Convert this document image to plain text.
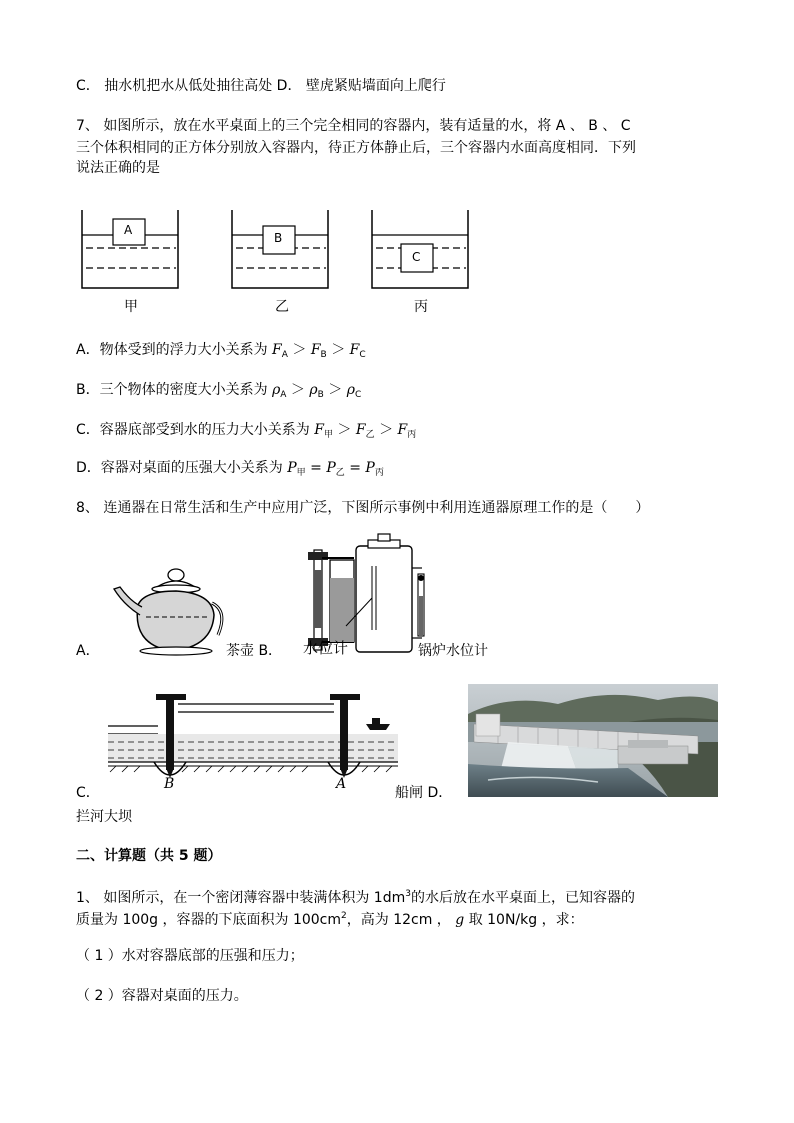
C． 抽水机把水从低处抽往高处 D． 壁虎紧贴墙面向上爬行
7、 如图所示，放在水平桌面上的三个完全相同的容器内，装有适量的水，将 A 、 B 、 C
三个体积相同的正方体分别放入容器内，待正方体静止后，三个容器内水面高度相同．下列
说法正确的是
A
B
C
甲	乙	丙
A．物体受到的浮力大小关系为 $F_A > F_B > F_C$
B．三个物体的密度大小关系为 $\rho_A > \rho_B > \rho_C$
C．容器底部受到水的压力大小关系为 $F_甲 > F_乙 > F_丙$
D．容器对桌面的压强大小关系为 $P_甲 = P_乙 = P_丙$
8、 连通器在日常生活和生产中应用广泛，下图所示事例中利用连通器原理工作的是（　　）
A．	茶壶 B． 水位计	锅炉水位计
C．
B	A
船闸 D．
拦河大坝
二、计算题（共 5 题）
1、 如图所示，在一个密闭薄容器中装满体积为 $1dm^3$的水后放在水平桌面上，已知容器的
质量为 100g ，容器的下底面积为 $100cm^2$，高为 12cm ， g 取 10N/kg ，求：
（ 1 ）水对容器底部的压强和压力；
（ 2 ）容器对桌面的压力。
